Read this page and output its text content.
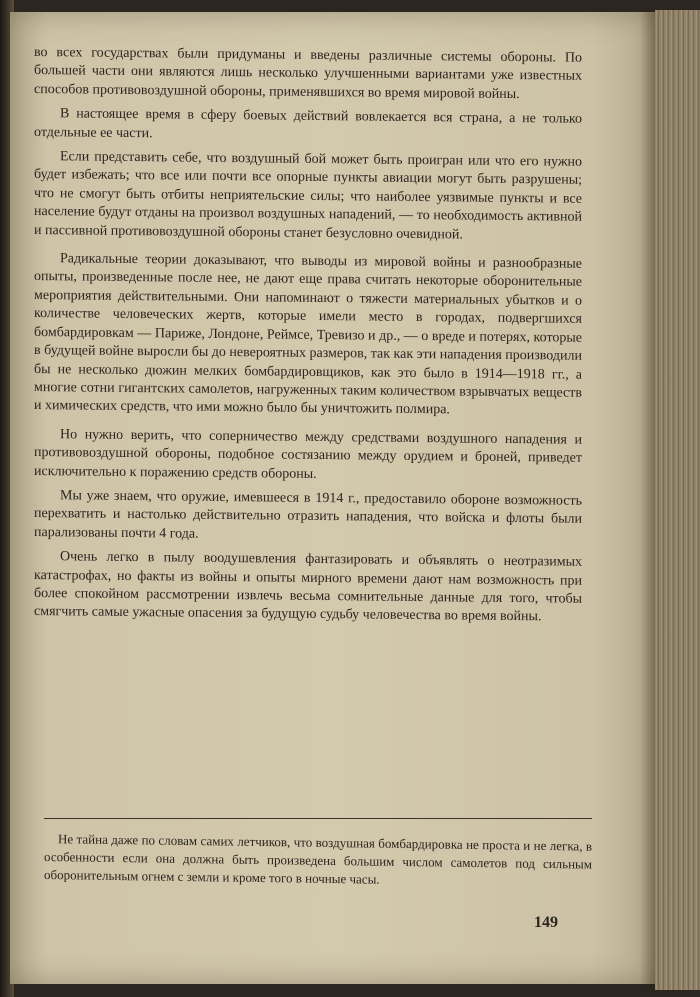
во всех государствах были придуманы и введены различные системы обороны. По большей части они являются лишь несколько улучшенными вариантами уже известных способов противовоздушной обороны, применявшихся во время мировой войны.

В настоящее время в сферу боевых действий вовлекается вся страна, а не только отдельные ее части.

Если представить себе, что воздушный бой может быть проигран или что его нужно будет избежать; что все или почти все опорные пункты авиации могут быть разрушены; что не смогут быть отбиты неприятельские силы; что наиболее уязвимые пункты и все население будут отданы на произвол воздушных нападений, — то необходимость активной и пассивной противовоздушной обороны станет безусловно очевидной.

Радикальные теории доказывают, что выводы из мировой войны и разнообразные опыты, произведенные после нее, не дают еще права считать некоторые оборонительные мероприятия действительными. Они напоминают о тяжести материальных убытков и о количестве человеческих жертв, которые имели место в городах, подвергшихся бомбардировкам — Париже, Лондоне, Реймсе, Тревизо и др., — о вреде и потерях, которые в будущей войне выросли бы до невероятных размеров, так как эти нападения производили бы не несколько дюжин мелких бомбардировщиков, как это было в 1914—1918 гг., а многие сотни гигантских самолетов, нагруженных таким количеством взрывчатых веществ и химических средств, что ими можно было бы уничтожить полмира.

Но нужно верить, что соперничество между средствами воздушного нападения и противовоздушной обороны, подобное состязанию между орудием и броней, приведет исключительно к поражению средств обороны.

Мы уже знаем, что оружие, имевшееся в 1914 г., предоставило обороне возможность перехватить и настолько действительно отразить нападения, что войска и флоты были парализованы почти 4 года.

Очень легко в пылу воодушевления фантазировать и объявлять о неотразимых катастрофах, но факты из войны и опыты мирного времени дают нам возможность при более спокойном рассмотрении извлечь весьма сомнительные данные для того, чтобы смягчить самые ужасные опасения за будущую судьбу человечества во время войны.

Не тайна даже по словам самих летчиков, что воздушная бомбардировка не проста и не легка, в особенности если она должна быть произведена большим числом самолетов под сильным оборонительным огнем с земли и кроме того в ночные часы.

149
